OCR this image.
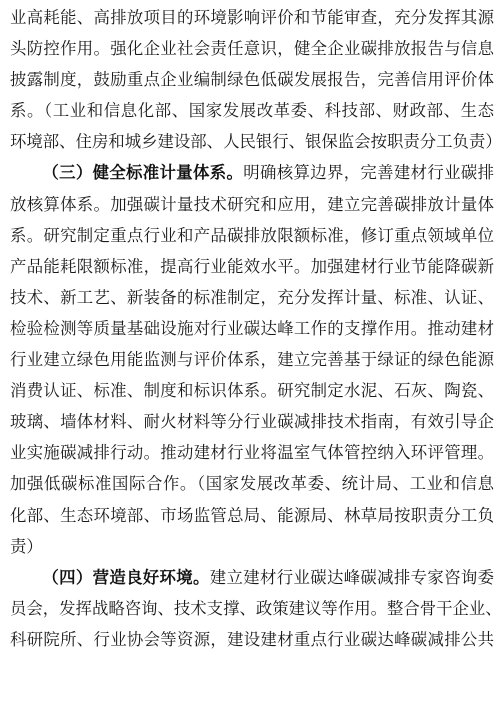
业高耗能、高排放项目的环境影响评价和节能审查，充分发挥其源
头防控作用。强化企业社会责任意识，健全企业碳排放报告与信息
披露制度，鼓励重点企业编制绿色低碳发展报告，完善信用评价体
系。（工业和信息化部、国家发展改革委、科技部、财政部、生态
环境部、住房和城乡建设部、人民银行、银保监会按职责分工负责）
（三）健全标准计量体系。明确核算边界，完善建材行业碳排
放核算体系。加强碳计量技术研究和应用，建立完善碳排放计量体
系。研究制定重点行业和产品碳排放限额标准，修订重点领域单位
产品能耗限额标准，提高行业能效水平。加强建材行业节能降碳新
技术、新工艺、新装备的标准制定，充分发挥计量、标准、认证、
检验检测等质量基础设施对行业碳达峰工作的支撑作用。推动建材
行业建立绿色用能监测与评价体系，建立完善基于绿证的绿色能源
消费认证、标准、制度和标识体系。研究制定水泥、石灰、陶瓷、
玻璃、墙体材料、耐火材料等分行业碳减排技术指南，有效引导企
业实施碳减排行动。推动建材行业将温室气体管控纳入环评管理。
加强低碳标准国际合作。（国家发展改革委、统计局、工业和信息
化部、生态环境部、市场监管总局、能源局、林草局按职责分工负
责）
（四）营造良好环境。建立建材行业碳达峰碳减排专家咨询委
员会，发挥战略咨询、技术支撑、政策建议等作用。整合骨干企业、
科研院所、行业协会等资源，建设建材重点行业碳达峰碳减排公共
